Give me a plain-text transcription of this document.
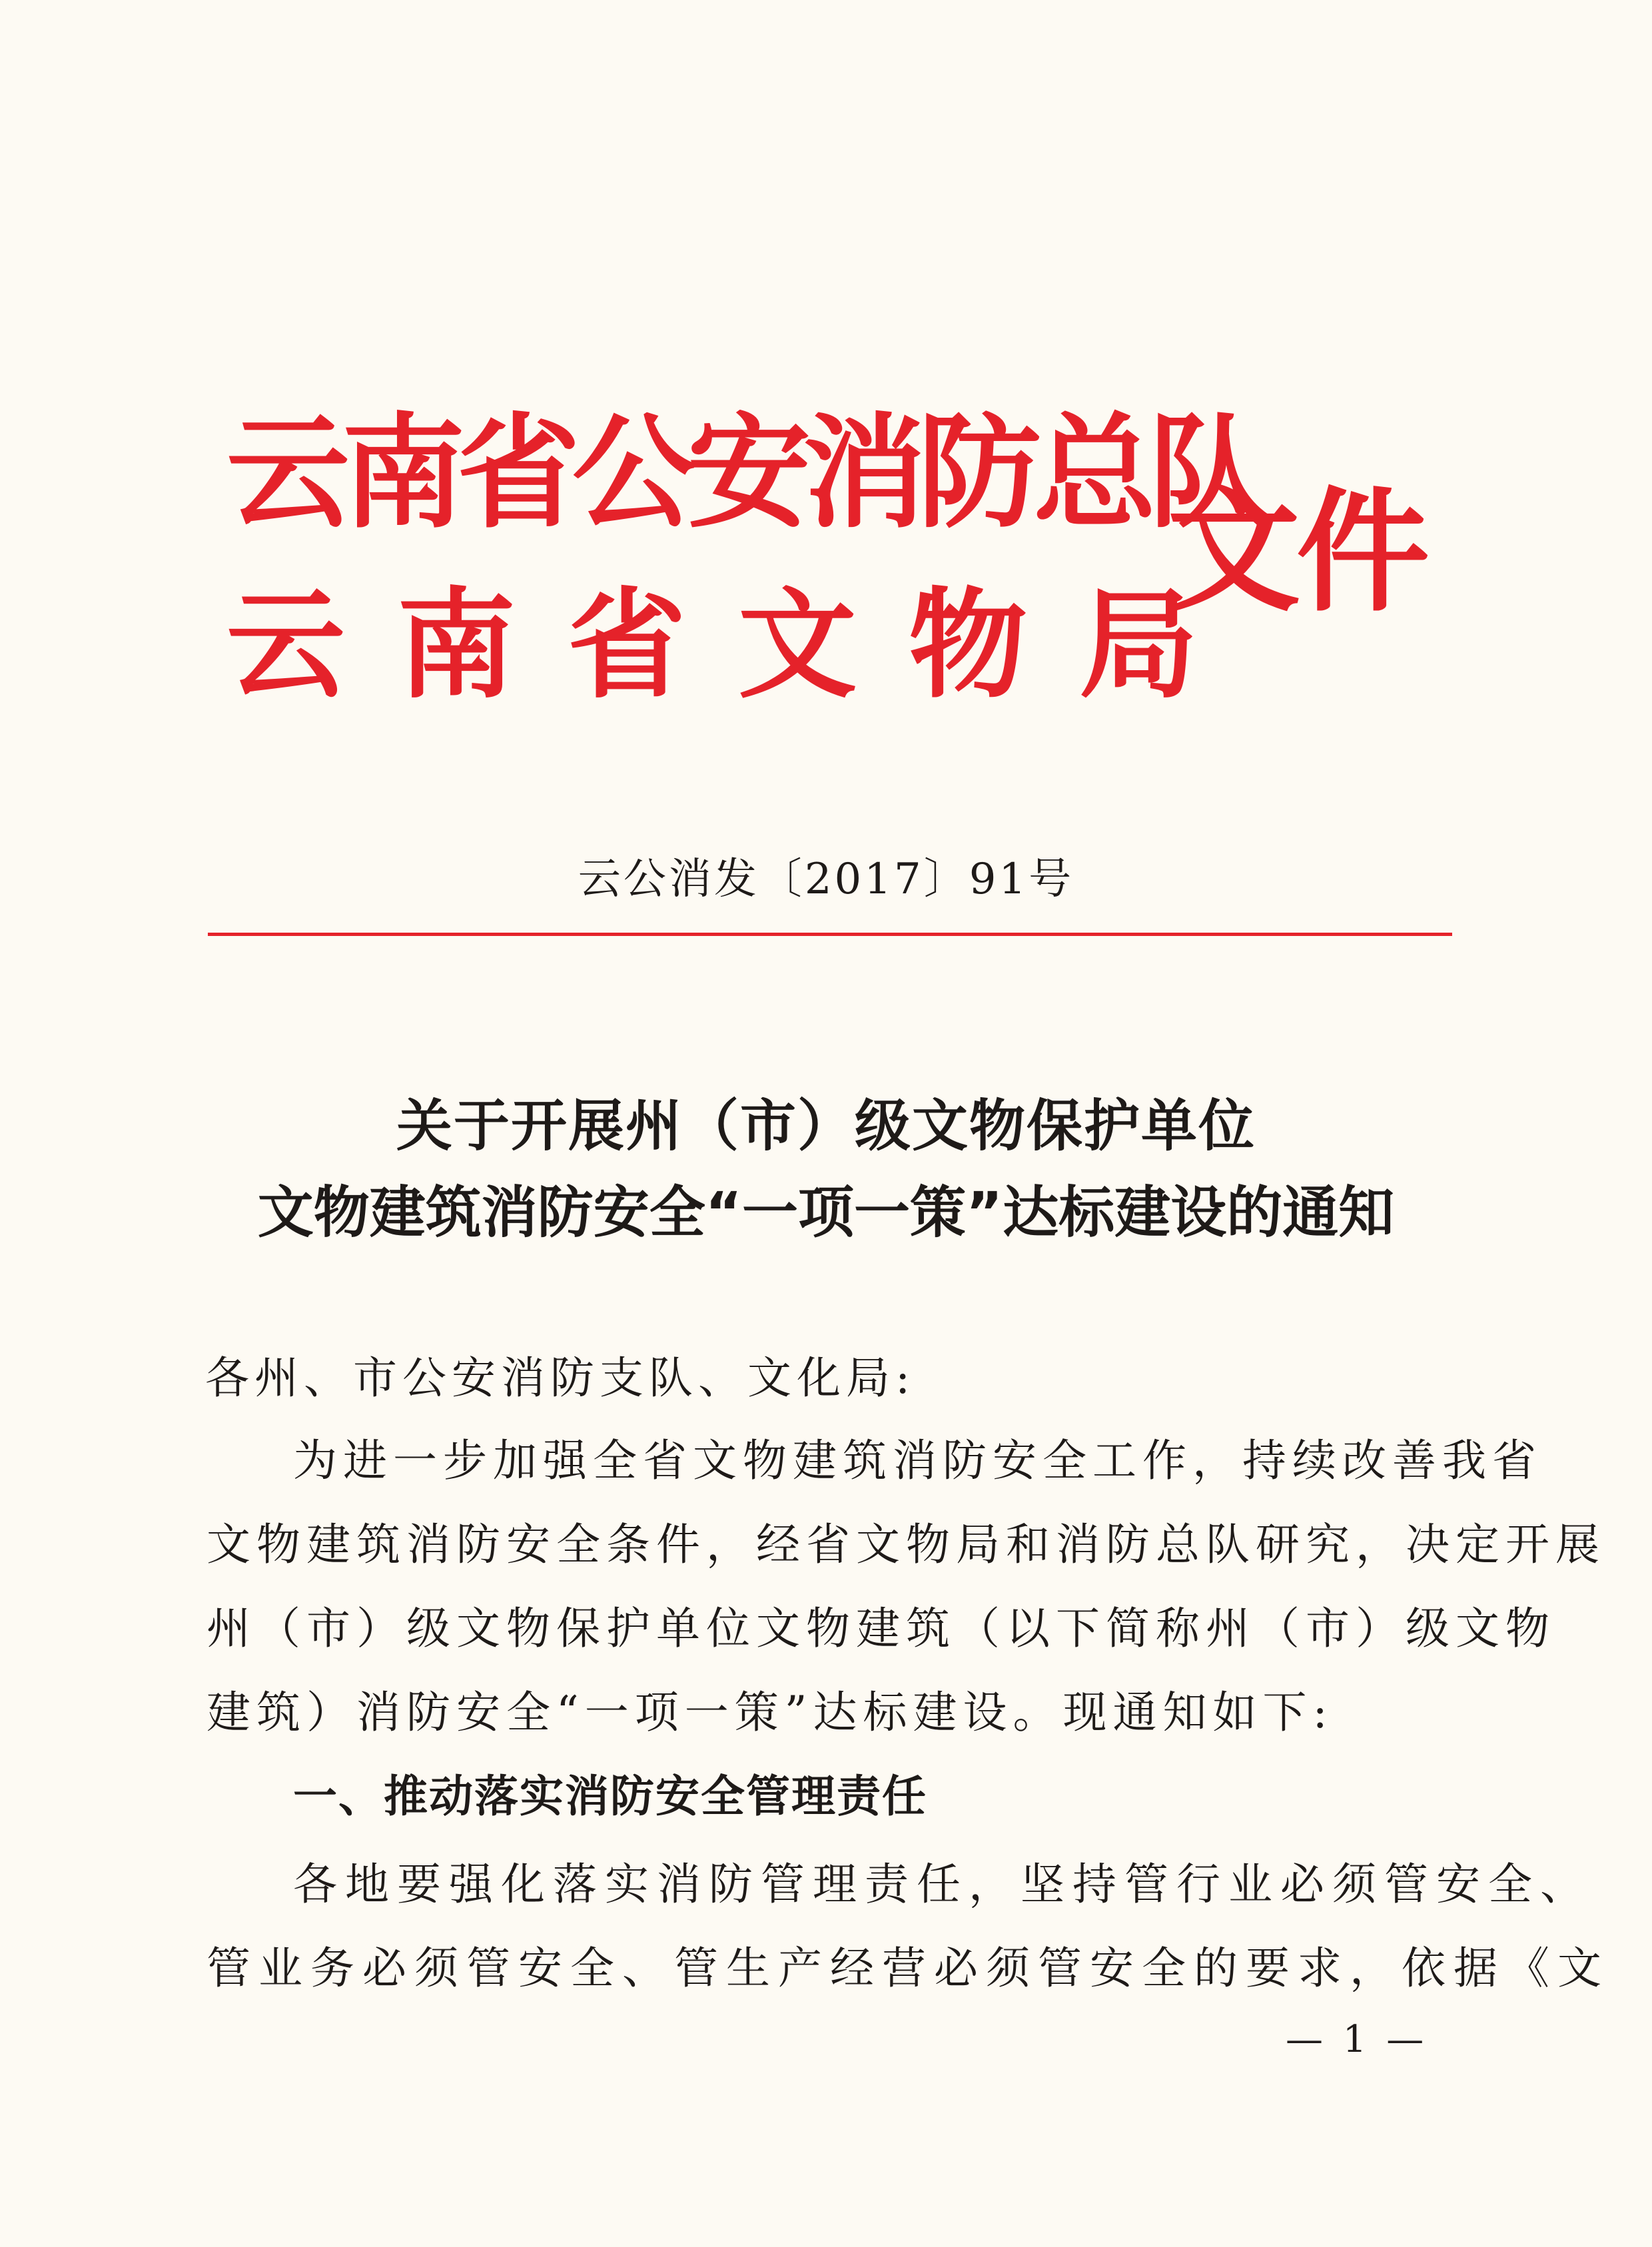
云南省公安消防总队
云南省文物局
文件
云公消发〔2017〕91号
关于开展州（市）级文物保护单位
文物建筑消防安全“一项一策”达标建设的通知
各州、市公安消防支队、文化局:
为进一步加强全省文物建筑消防安全工作，持续改善我省
文物建筑消防安全条件，经省文物局和消防总队研究，决定开展
州（市）级文物保护单位文物建筑（以下简称州（市）级文物
建筑）消防安全“一项一策”达标建设。现通知如下:
一、推动落实消防安全管理责任
各地要强化落实消防管理责任，坚持管行业必须管安全、
管业务必须管安全、管生产经营必须管安全的要求，依据《文
— 1 —
